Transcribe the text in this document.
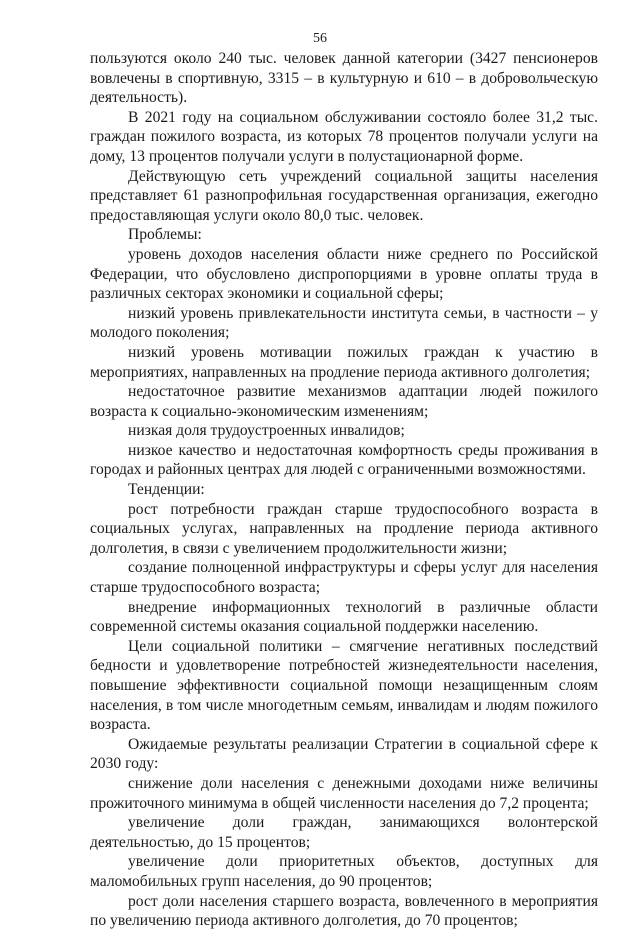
56

пользуются около 240 тыс. человек данной категории (3427 пенсионеров вовлечены в спортивную, 3315 – в культурную и 610 – в добровольческую деятельность).

В 2021 году на социальном обслуживании состояло более 31,2 тыс. граждан пожилого возраста, из которых 78 процентов получали услуги на дому, 13 процентов получали услуги в полустационарной форме.

Действующую сеть учреждений социальной защиты населения представляет 61 разнопрофильная государственная организация, ежегодно предоставляющая услуги около 80,0 тыс. человек.

Проблемы:

уровень доходов населения области ниже среднего по Российской Федерации, что обусловлено диспропорциями в уровне оплаты труда в различных секторах экономики и социальной сферы;

низкий уровень привлекательности института семьи, в частности – у молодого поколения;

низкий уровень мотивации пожилых граждан к участию в мероприятиях, направленных на продление периода активного долголетия;

недостаточное развитие механизмов адаптации людей пожилого возраста к социально-экономическим изменениям;

низкая доля трудоустроенных инвалидов;

низкое качество и недостаточная комфортность среды проживания в городах и районных центрах для людей с ограниченными возможностями.

Тенденции:

рост потребности граждан старше трудоспособного возраста в социальных услугах, направленных на продление периода активного долголетия, в связи с увеличением продолжительности жизни;

создание полноценной инфраструктуры и сферы услуг для населения старше трудоспособного возраста;

внедрение информационных технологий в различные области современной системы оказания социальной поддержки населению.

Цели социальной политики – смягчение негативных последствий бедности и удовлетворение потребностей жизнедеятельности населения, повышение эффективности социальной помощи незащищенным слоям населения, в том числе многодетным семьям, инвалидам и людям пожилого возраста.

Ожидаемые результаты реализации Стратегии в социальной сфере к 2030 году:

снижение доли населения с денежными доходами ниже величины прожиточного минимума в общей численности населения до 7,2 процента;

увеличение доли граждан, занимающихся волонтерской деятельностью, до 15 процентов;

увеличение доли приоритетных объектов, доступных для маломобильных групп населения, до 90 процентов;

рост доли населения старшего возраста, вовлеченного в мероприятия по увеличению периода активного долголетия, до 70 процентов;
